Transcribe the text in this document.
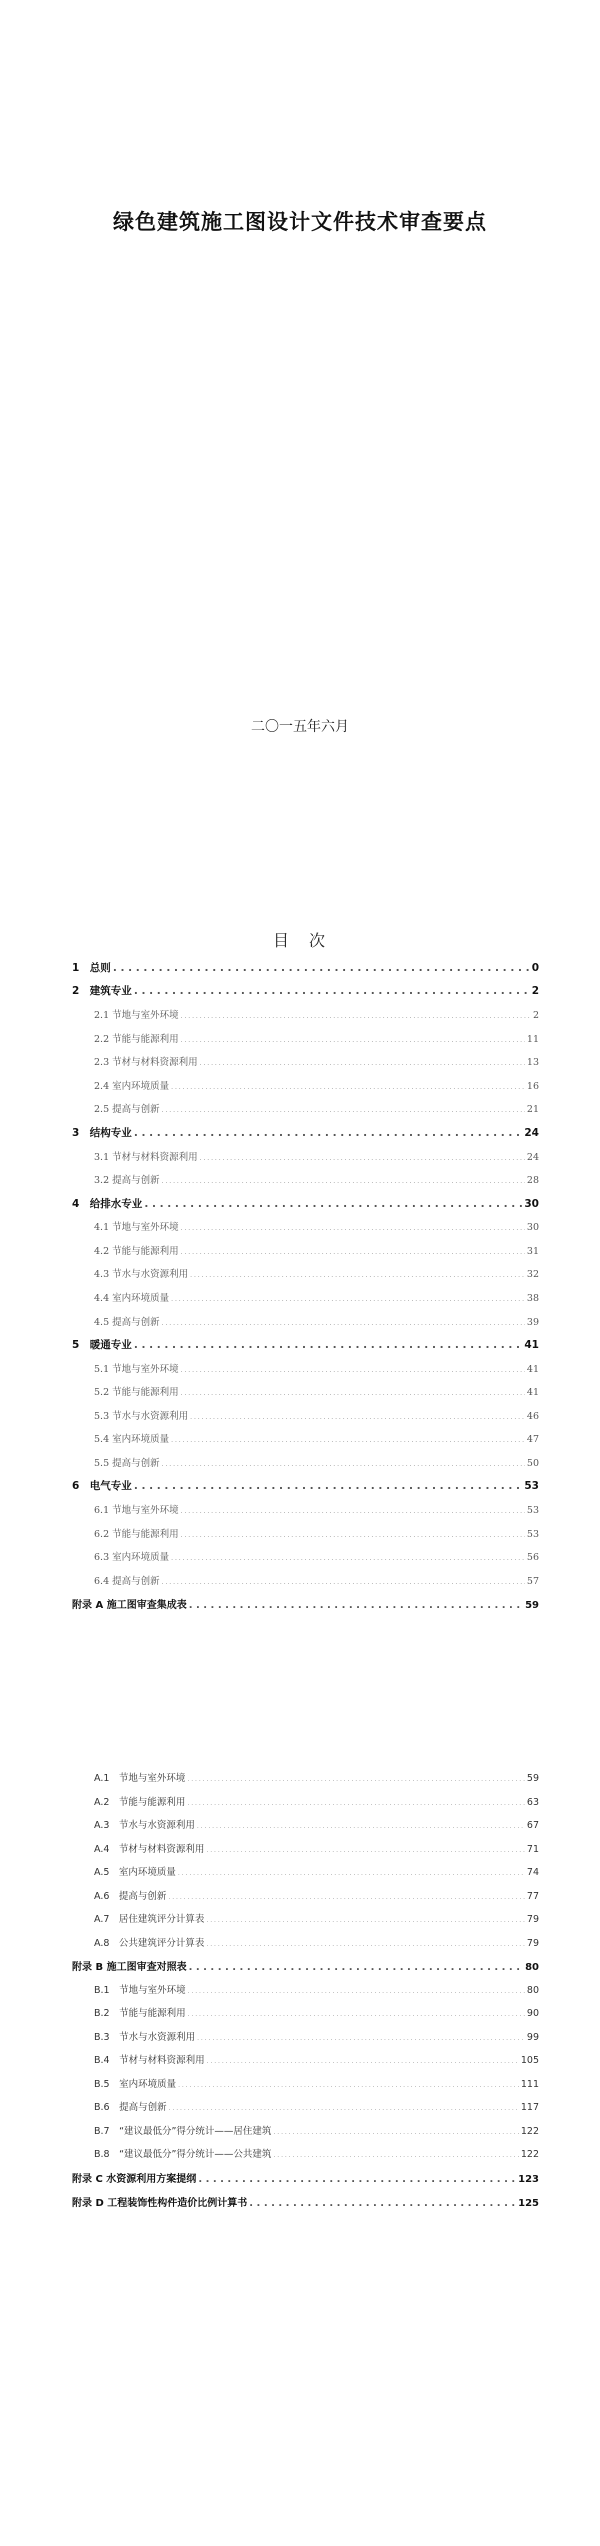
绿色建筑施工图设计文件技术审查要点
二〇一五年六月
目　次
1　总则 . . .	0
2　建筑专业 . . .	2
2.1 节地与室外环境 . . .	2
2.2 节能与能源利用 . . .	11
2.3 节材与材料资源利用 . . .	13
2.4 室内环境质量 . . .	16
2.5 提高与创新 . . .	21
3　结构专业 . . .	24
3.1 节材与材料资源利用 . . .	24
3.2 提高与创新 . . .	28
4　给排水专业 . . .	30
4.1 节地与室外环境 . . .	30
4.2 节能与能源利用 . . .	31
4.3 节水与水资源利用 . . .	32
4.4 室内环境质量 . . .	38
4.5 提高与创新 . . .	39
5　暖通专业 . . .	41
5.1 节地与室外环境 . . .	41
5.2 节能与能源利用 . . .	41
5.3 节水与水资源利用 . . .	46
5.4 室内环境质量 . . .	47
5.5 提高与创新 . . .	50
6　电气专业 . . .	53
6.1 节地与室外环境 . . .	53
6.2 节能与能源利用 . . .	53
6.3 室内环境质量 . . .	56
6.4 提高与创新 . . .	57
附录 A 施工图审查集成表 . . .	59
A.1　节地与室外环境 . . .	59
A.2　节能与能源利用 . . .	63
A.3　节水与水资源利用 . . .	67
A.4　节材与材料资源利用 . . .	71
A.5　室内环境质量 . . .	74
A.6　提高与创新 . . .	77
A.7　居住建筑评分计算表 . . .	79
A.8　公共建筑评分计算表 . . .	79
附录 B 施工图审查对照表 . . .	80
B.1　节地与室外环境 . . .	80
B.2　节能与能源利用 . . .	90
B.3　节水与水资源利用 . . .	99
B.4　节材与材料资源利用 . . .	105
B.5　室内环境质量 . . .	111
B.6　提高与创新 . . .	117
B.7　“建议最低分”得分统计——居住建筑 . . .	122
B.8　“建议最低分”得分统计——公共建筑 . . .	122
附录 C 水资源利用方案提纲 . . .	123
附录 D 工程装饰性构件造价比例计算书 . . .	125
